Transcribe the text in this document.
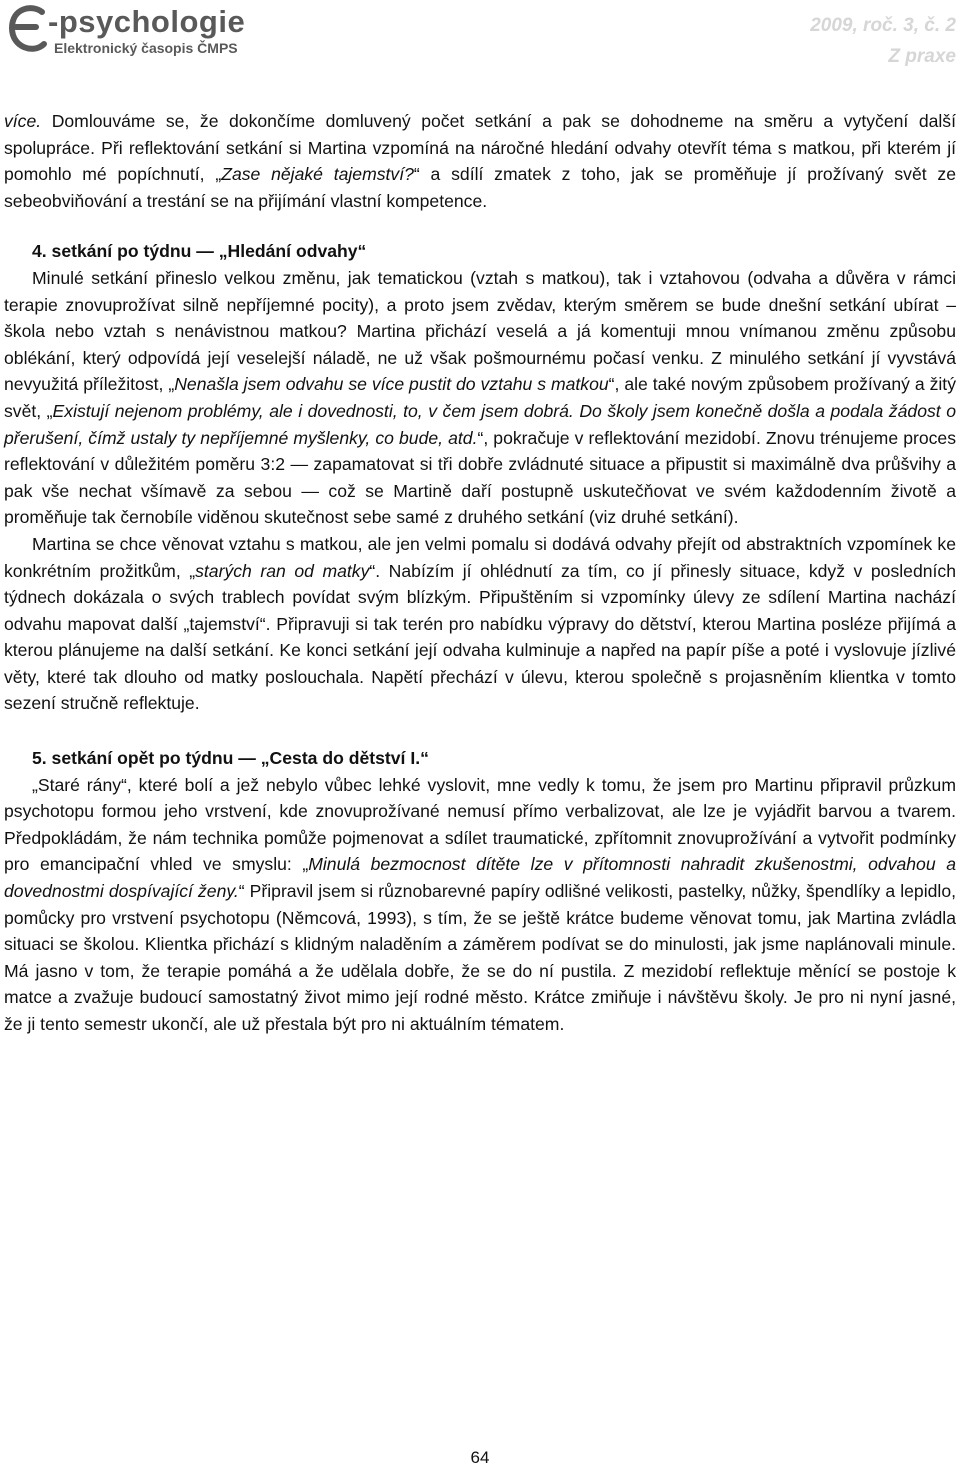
-psychologie
Elektronický časopis ČMPS
2009, roč. 3, č. 2
Z praxe

více. Domlouváme se, že dokončíme domluvený počet setkání a pak se dohodneme na směru a vytyčení další spolupráce. Při reflektování setkání si Martina vzpomíná na náročné hledání odvahy otevřít téma s matkou, při kterém jí pomohlo mé popíchnutí, „Zase nějaké tajemství?“ a sdílí zmatek z toho, jak se proměňuje jí prožívaný svět ze sebeobviňování a trestání se na přijímání vlastní kompetence.

4. setkání po týdnu — „Hledání odvahy“

Minulé setkání přineslo velkou změnu, jak tematickou (vztah s matkou), tak i vztahovou (odvaha a důvěra v rámci terapie znovuprožívat silně nepříjemné pocity), a proto jsem zvědav, kterým směrem se bude dnešní setkání ubírat – škola nebo vztah s nenávistnou matkou? Martina přichází veselá a já komentuji mnou vnímanou změnu způsobu oblékání, který odpovídá její veselejší náladě, ne už však pošmournému počasí venku. Z minulého setkání jí vyvstává nevyužitá příležitost, „Nenašla jsem odvahu se více pustit do vztahu s matkou“, ale také novým způsobem prožívaný a žitý svět, „Existují nejenom problémy, ale i dovednosti, to, v čem jsem dobrá. Do školy jsem konečně došla a podala žádost o přerušení, čímž ustaly ty nepříjemné myšlenky, co bude, atd.“, pokračuje v reflektování mezidobí. Znovu trénujeme proces reflektování v důležitém poměru 3:2 — zapamatovat si tři dobře zvládnuté situace a připustit si maximálně dva průšvihy a pak vše nechat všímavě za sebou — což se Martině daří postupně uskutečňovat ve svém každodenním životě a proměňuje tak černobíle viděnou skutečnost sebe samé z druhého setkání (viz druhé setkání).

Martina se chce věnovat vztahu s matkou, ale jen velmi pomalu si dodává odvahy přejít od abstraktních vzpomínek ke konkrétním prožitkům, „starých ran od matky“. Nabízím jí ohlédnutí za tím, co jí přinesly situace, když v posledních týdnech dokázala o svých trablech povídat svým blízkým. Připuštěním si vzpomínky úlevy ze sdílení Martina nachází odvahu mapovat další „tajemství“. Připravuji si tak terén pro nabídku výpravy do dětství, kterou Martina posléze přijímá a kterou plánujeme na další setkání. Ke konci setkání její odvaha kulminuje a napřed na papír píše a poté i vyslovuje jízlivé věty, které tak dlouho od matky poslouchala. Napětí přechází v úlevu, kterou společně s projasněním klientka v tomto sezení stručně reflektuje.

5. setkání opět po týdnu — „Cesta do dětství I.“

„Staré rány“, které bolí a jež nebylo vůbec lehké vyslovit, mne vedly k tomu, že jsem pro Martinu připravil průzkum psychotopu formou jeho vrstvení, kde znovuprožívané nemusí přímo verbalizovat, ale lze je vyjádřit barvou a tvarem. Předpokládám, že nám technika pomůže pojmenovat a sdílet traumatické, zpřítomnit znovuprožívání a vytvořit podmínky pro emancipační vhled ve smyslu: „Minulá bezmocnost dítěte lze v přítomnosti nahradit zkušenostmi, odvahou a dovednostmi dospívající ženy.“ Připravil jsem si různobarevné papíry odlišné velikosti, pastelky, nůžky, špendlíky a lepidlo, pomůcky pro vrstvení psychotopu (Němcová, 1993), s tím, že se ještě krátce budeme věnovat tomu, jak Martina zvládla situaci se školou. Klientka přichází s klidným naladěním a záměrem podívat se do minulosti, jak jsme naplánovali minule. Má jasno v tom, že terapie pomáhá a že udělala dobře, že se do ní pustila. Z mezidobí reflektuje měnící se postoje k matce a zvažuje budoucí samostatný život mimo její rodné město. Krátce zmiňuje i návštěvu školy. Je pro ni nyní jasné, že ji tento semestr ukončí, ale už přestala být pro ni aktuálním tématem.

64
